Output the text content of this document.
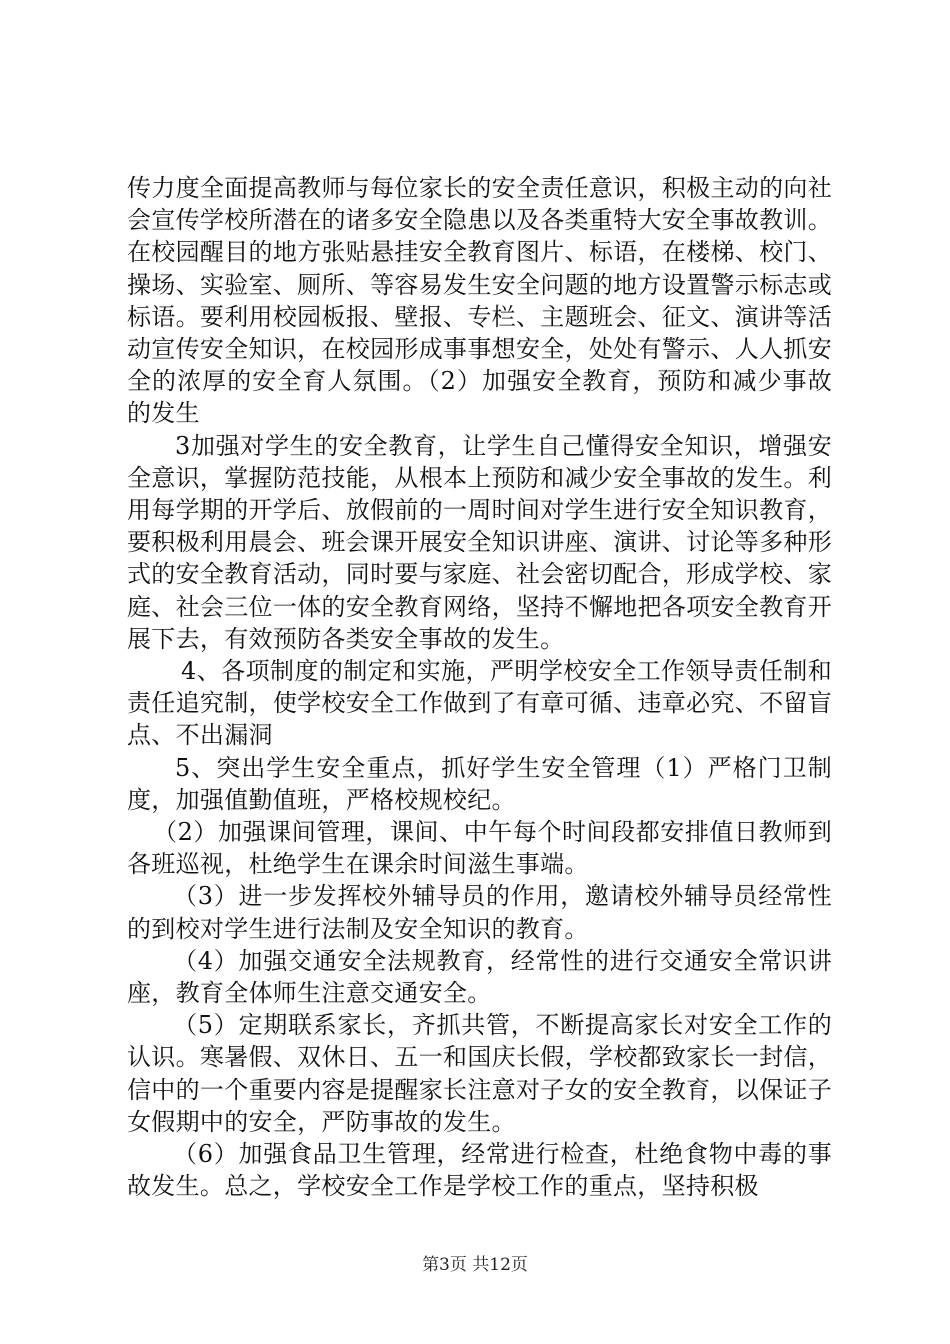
传力度全面提高教师与每位家长的安全责任意识，积极主动的向社会宣传学校所潜在的诸多安全隐患以及各类重特大安全事故教训。在校园醒目的地方张贴悬挂安全教育图片、标语，在楼梯、校门、操场、实验室、厕所、等容易发生安全问题的地方设置警示标志或标语。要利用校园板报、壁报、专栏、主题班会、征文、演讲等活动宣传安全知识，在校园形成事事想安全，处处有警示、人人抓安全的浓厚的安全育人氛围。（2）加强安全教育，预防和减少事故的发生

3加强对学生的安全教育，让学生自己懂得安全知识，增强安全意识，掌握防范技能，从根本上预防和减少安全事故的发生。利用每学期的开学后、放假前的一周时间对学生进行安全知识教育，要积极利用晨会、班会课开展安全知识讲座、演讲、讨论等多种形式的安全教育活动，同时要与家庭、社会密切配合，形成学校、家庭、社会三位一体的安全教育网络，坚持不懈地把各项安全教育开展下去，有效预防各类安全事故的发生。

4、各项制度的制定和实施，严明学校安全工作领导责任制和责任追究制，使学校安全工作做到了有章可循、违章必究、不留盲点、不出漏洞

5、突出学生安全重点，抓好学生安全管理（1）严格门卫制度，加强值勤值班，严格校规校纪。

（2）加强课间管理，课间、中午每个时间段都安排值日教师到各班巡视，杜绝学生在课余时间滋生事端。

（3）进一步发挥校外辅导员的作用，邀请校外辅导员经常性的到校对学生进行法制及安全知识的教育。

（4）加强交通安全法规教育，经常性的进行交通安全常识讲座，教育全体师生注意交通安全。

（5）定期联系家长，齐抓共管，不断提高家长对安全工作的认识。寒暑假、双休日、五一和国庆长假，学校都致家长一封信，信中的一个重要内容是提醒家长注意对子女的安全教育，以保证子女假期中的安全，严防事故的发生。

（6）加强食品卫生管理，经常进行检查，杜绝食物中毒的事故发生。总之，学校安全工作是学校工作的重点，坚持积极

第3页 共12页
